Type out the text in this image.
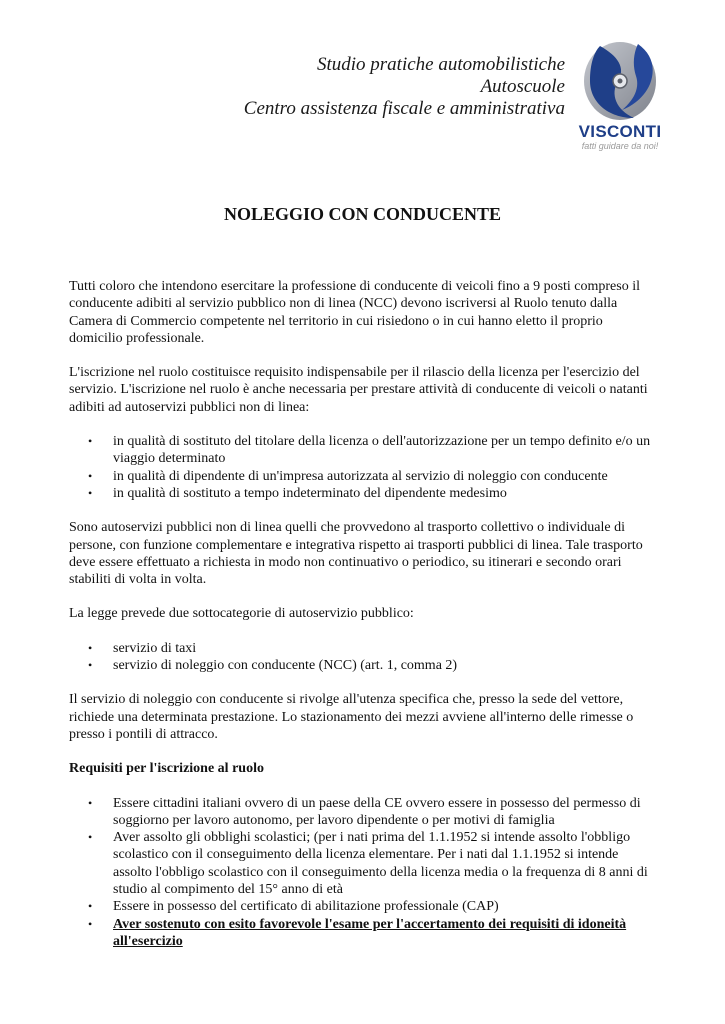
Studio pratiche automobilistiche
Autoscuole
Centro assistenza fiscale e amministrativa
VISCONTI
fatti guidare da noi!
NOLEGGIO CON CONDUCENTE

Tutti coloro che intendono esercitare la professione di conducente di veicoli fino a 9 posti compreso il conducente adibiti al servizio pubblico non di linea (NCC) devono iscriversi al Ruolo tenuto dalla Camera di Commercio competente nel territorio in cui risiedono o in cui hanno eletto il proprio domicilio professionale.

L'iscrizione nel ruolo costituisce requisito indispensabile per il rilascio della licenza per l'esercizio del servizio. L'iscrizione nel ruolo è anche necessaria per prestare attività di conducente di veicoli o natanti adibiti ad autoservizi pubblici non di linea:

• in qualità di sostituto del titolare della licenza o dell'autorizzazione per un tempo definito e/o un viaggio determinato
• in qualità di dipendente di un'impresa autorizzata al servizio di noleggio con conducente
• in qualità di sostituto a tempo indeterminato del dipendente medesimo

Sono autoservizi pubblici non di linea quelli che provvedono al trasporto collettivo o individuale di persone, con funzione complementare e integrativa rispetto ai trasporti pubblici di linea. Tale trasporto deve essere effettuato a richiesta in modo non continuativo o periodico, su itinerari e secondo orari stabiliti di volta in volta.

La legge prevede due sottocategorie di autoservizio pubblico:

• servizio di taxi
• servizio di noleggio con conducente (NCC) (art. 1, comma 2)

Il servizio di noleggio con conducente si rivolge all'utenza specifica che, presso la sede del vettore, richiede una determinata prestazione. Lo stazionamento dei mezzi avviene all'interno delle rimesse o presso i pontili di attracco.

Requisiti per l'iscrizione al ruolo
• Essere cittadini italiani ovvero di un paese della CE ovvero essere in possesso del permesso di soggiorno per lavoro autonomo, per lavoro dipendente o per motivi di famiglia
• Aver assolto gli obblighi scolastici; (per i nati prima del 1.1.1952 si intende assolto l'obbligo scolastico con il conseguimento della licenza elementare. Per i nati dal 1.1.1952 si intende assolto l'obbligo scolastico con il conseguimento della licenza media o la frequenza di 8 anni di studio al compimento del 15° anno di età
• Essere in possesso del certificato di abilitazione professionale (CAP)
• Aver sostenuto con esito favorevole l'esame per l'accertamento dei requisiti di idoneità all'esercizio
